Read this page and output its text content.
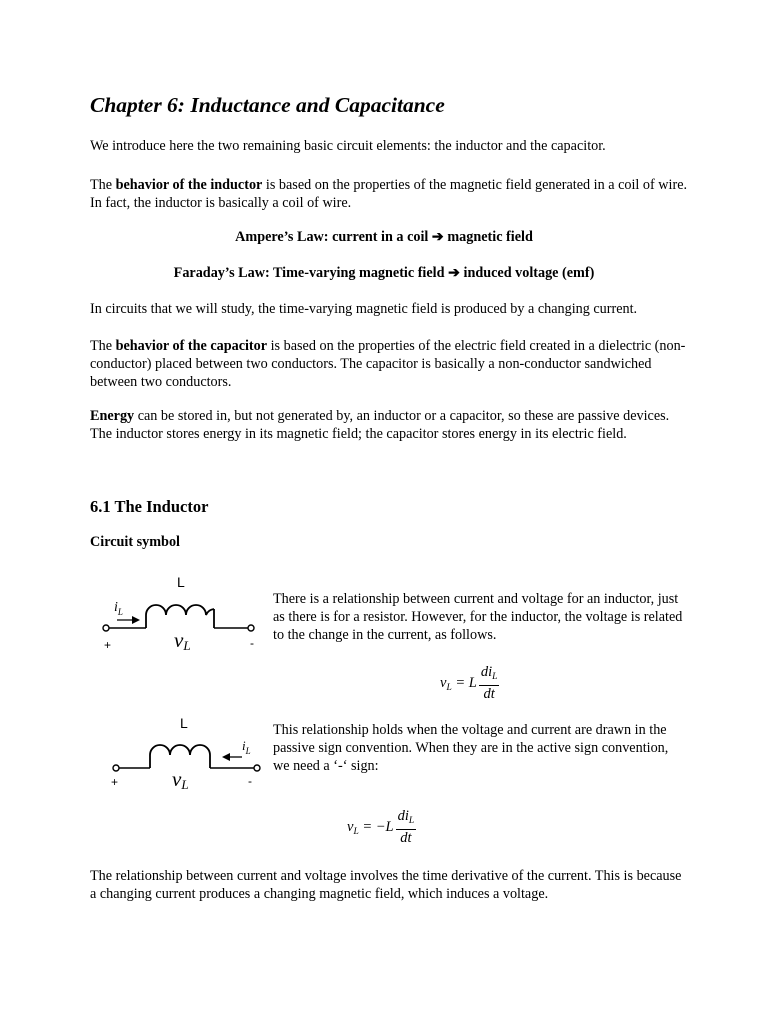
Chapter 6: Inductance and Capacitance
We introduce here the two remaining basic circuit elements: the inductor and the capacitor.
The behavior of the inductor is based on the properties of the magnetic field generated in a coil of wire. In fact, the inductor is basically a coil of wire.
Ampere’s Law: current in a coil ➔ magnetic field
Faraday’s Law: Time-varying magnetic field ➔ induced voltage (emf)
In circuits that we will study, the time-varying magnetic field is produced by a changing current.
The behavior of the capacitor is based on the properties of the electric field created in a dielectric (non-conductor) placed between two conductors. The capacitor is basically a non-conductor sandwiched between two conductors.
Energy can be stored in, but not generated by, an inductor or a capacitor, so these are passive devices. The inductor stores energy in its magnetic field; the capacitor stores energy in its electric field.
6.1 The Inductor
Circuit symbol
L
$i_L$
+	-
vL
There is a relationship between current and voltage for an inductor, just as there is for a resistor. However, for the inductor, the voltage is related to the change in the current, as follows.
$v_L = L \frac{di_L}{dt}$
L
$i_L$
+	-
vL
This relationship holds when the voltage and current are drawn in the passive sign convention. When they are in the active sign convention, we need a ‘-‘ sign:
$v_L = -L \frac{di_L}{dt}$
The relationship between current and voltage involves the time derivative of the current. This is because a changing current produces a changing magnetic field, which induces a voltage.
